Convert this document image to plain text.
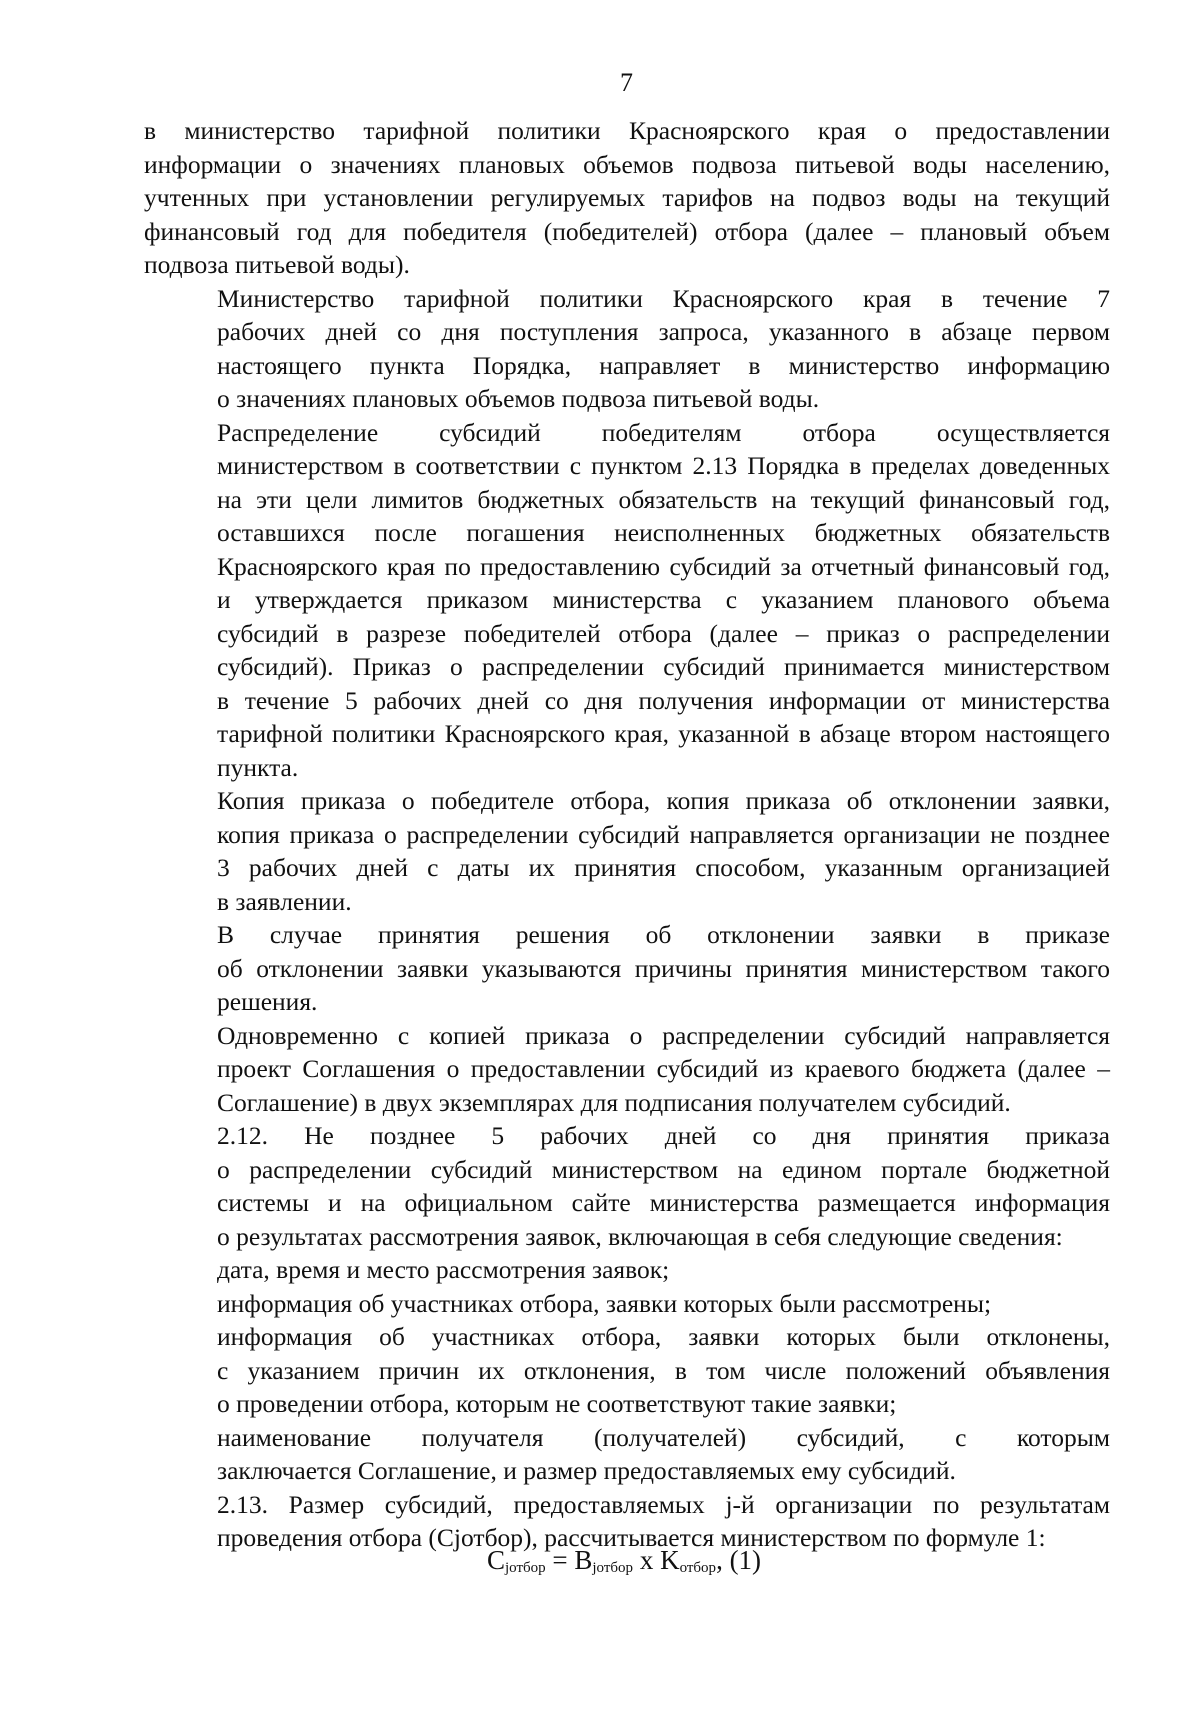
7

в министерство тарифной политики Красноярского края о предоставлении
информации о значениях плановых объемов подвоза питьевой воды населению,
учтенных при установлении регулируемых тарифов на подвоз воды на текущий
финансовый год для победителя (победителей) отбора (далее – плановый объем
подвоза питьевой воды).

Министерство тарифной политики Красноярского края в течение 7
рабочих дней со дня поступления запроса, указанного в абзаце первом
настоящего пункта Порядка, направляет в министерство информацию
о значениях плановых объемов подвоза питьевой воды.

Распределение субсидий победителям отбора осуществляется
министерством в соответствии с пунктом 2.13 Порядка в пределах доведенных
на эти цели лимитов бюджетных обязательств на текущий финансовый год,
оставшихся после погашения неисполненных бюджетных обязательств
Красноярского края по предоставлению субсидий за отчетный финансовый год,
и утверждается приказом министерства с указанием планового объема
субсидий в разрезе победителей отбора (далее – приказ о распределении
субсидий). Приказ о распределении субсидий принимается министерством
в течение 5 рабочих дней со дня получения информации от министерства
тарифной политики Красноярского края, указанной в абзаце втором настоящего
пункта.

Копия приказа о победителе отбора, копия приказа об отклонении заявки,
копия приказа о распределении субсидий направляется организации не позднее
3 рабочих дней с даты их принятия способом, указанным организацией
в заявлении.

В случае принятия решения об отклонении заявки в приказе
об отклонении заявки указываются причины принятия министерством такого
решения.

Одновременно с копией приказа о распределении субсидий направляется
проект Соглашения о предоставлении субсидий из краевого бюджета (далее –
Соглашение) в двух экземплярах для подписания получателем субсидий.

2.12. Не позднее 5 рабочих дней со дня принятия приказа
о распределении субсидий министерством на едином портале бюджетной
системы и на официальном сайте министерства размещается информация
о результатах рассмотрения заявок, включающая в себя следующие сведения:

дата, время и место рассмотрения заявок;

информация об участниках отбора, заявки которых были рассмотрены;

информация об участниках отбора, заявки которых были отклонены,
с указанием причин их отклонения, в том числе положений объявления
о проведении отбора, которым не соответствуют такие заявки;

наименование получателя (получателей) субсидий, с которым
заключается Соглашение, и размер предоставляемых ему субсидий.

2.13. Размер субсидий, предоставляемых j-й организации по результатам
проведения отбора (Cjотбор), рассчитывается министерством по формуле 1:

$C_{jотбор} = B_{jотбор}$ x $K_{отбор}$, (1)
